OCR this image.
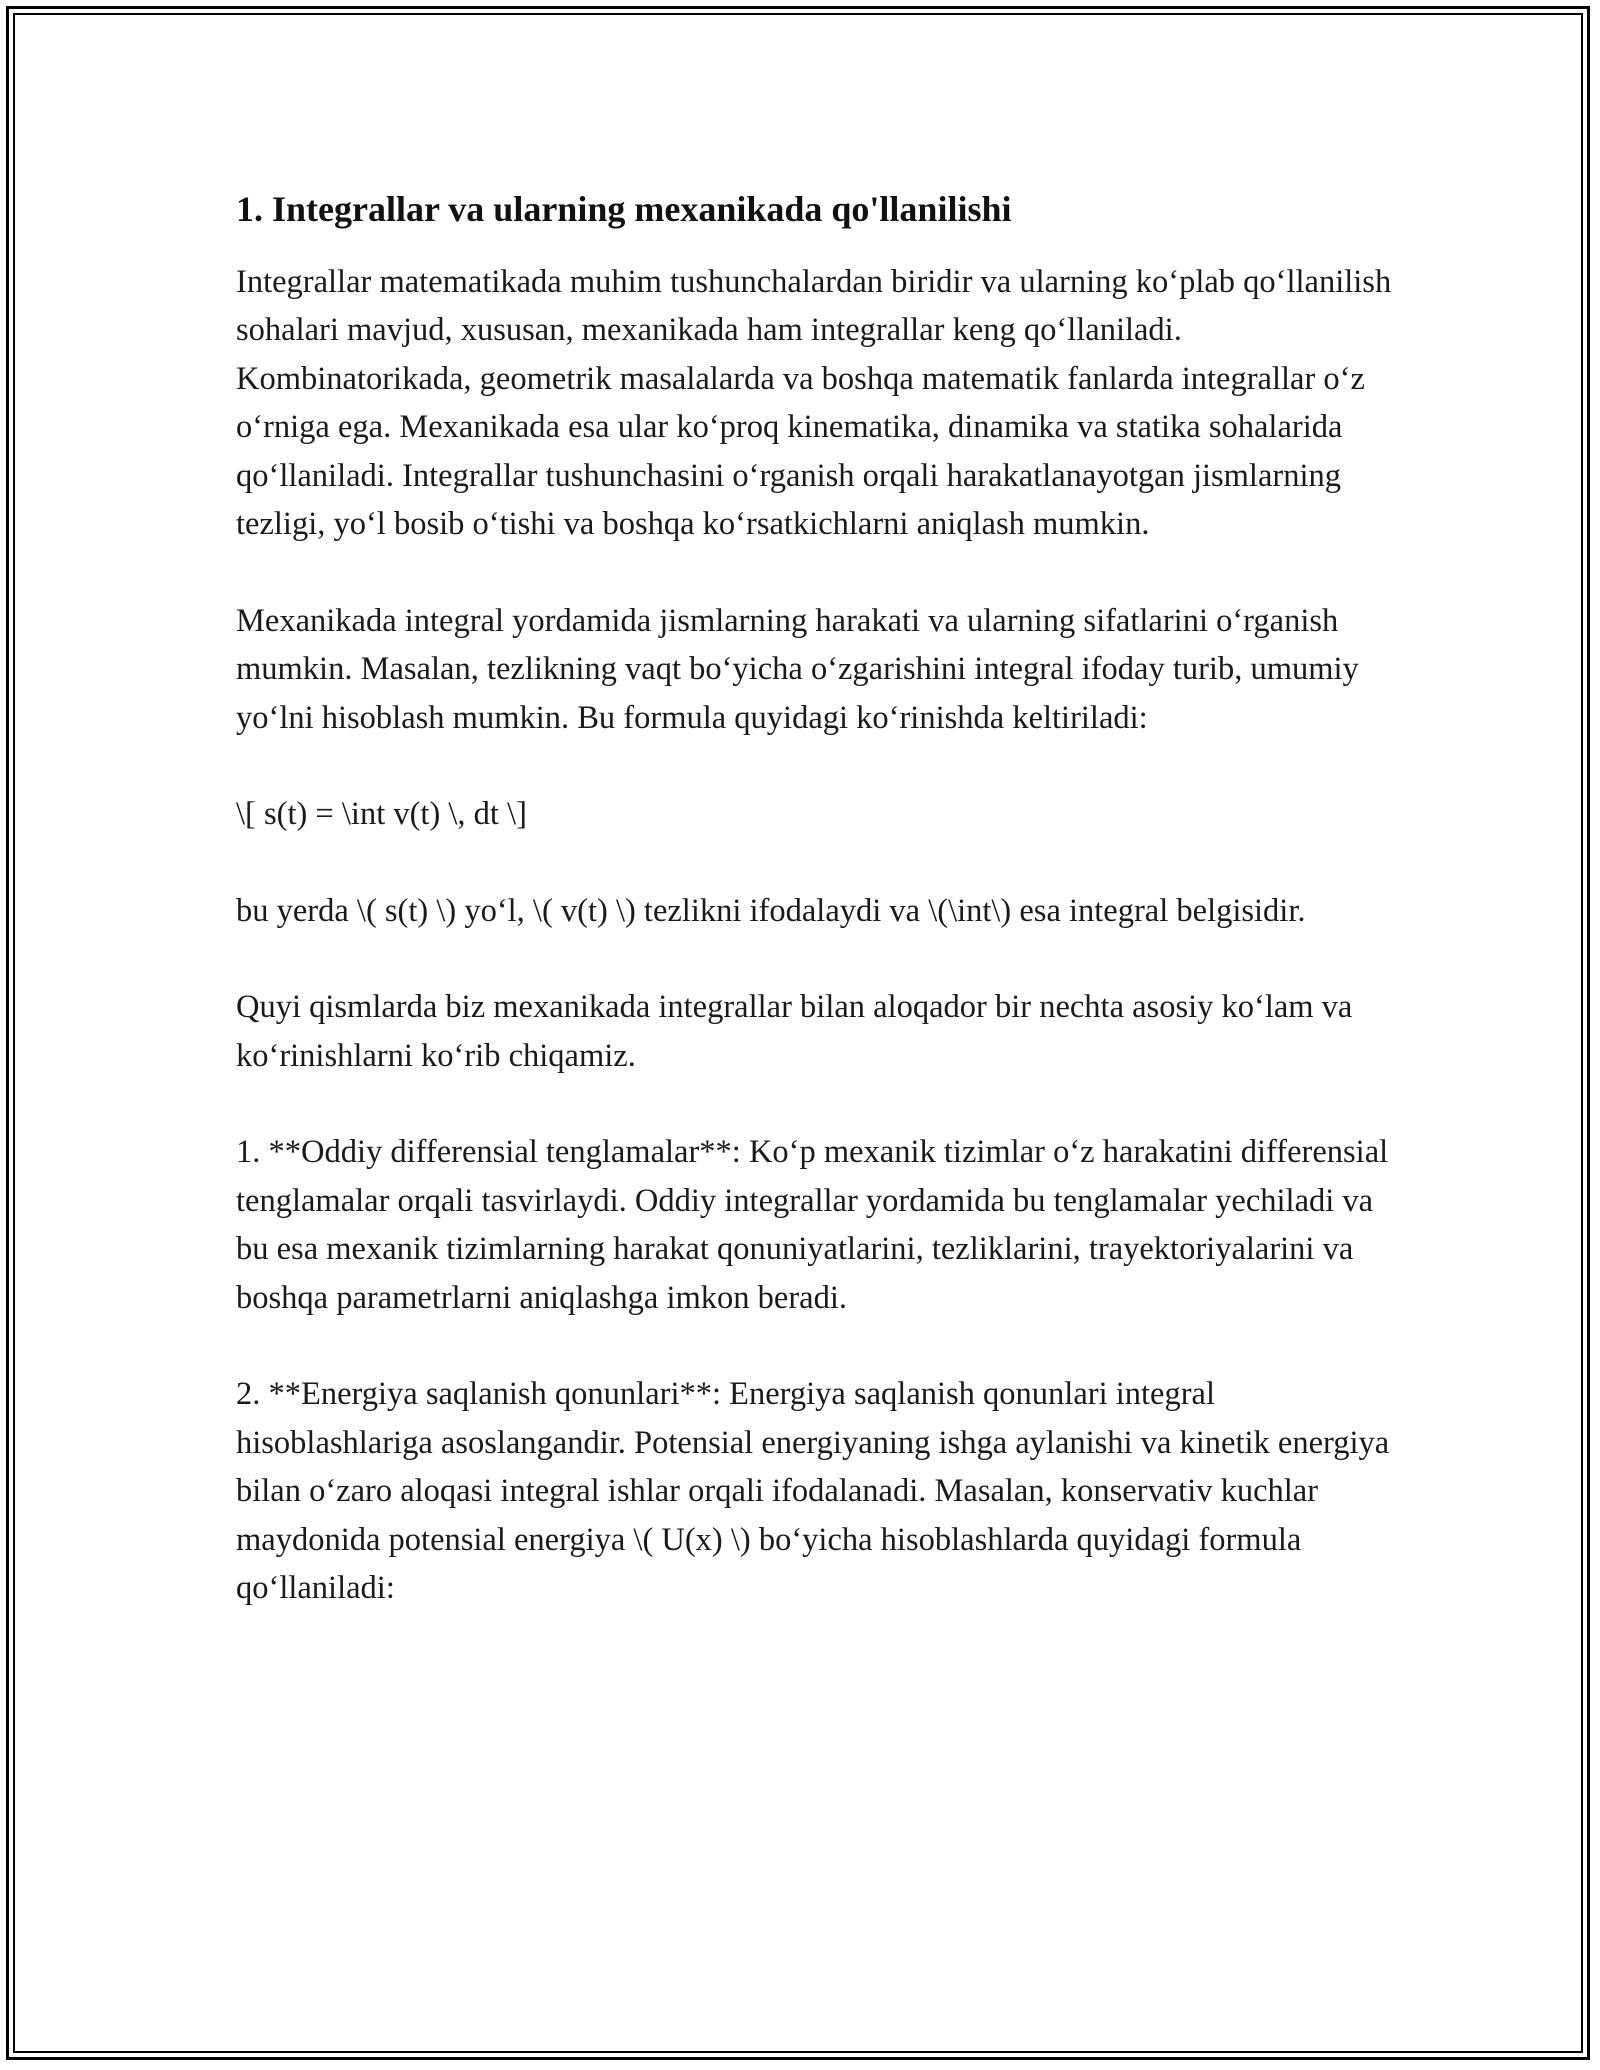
1. Integrallar va ularning mexanikada qo'llanilishi

Integrallar matematikada muhim tushunchalardan biridir va ularning koʻplab qoʻllanilish sohalari mavjud, xususan, mexanikada ham integrallar keng qoʻllaniladi. Kombinatorikada, geometrik masalalarda va boshqa matematik fanlarda integrallar oʻz oʻrniga ega. Mexanikada esa ular koʻproq kinematika, dinamika va statika sohalarida qoʻllaniladi. Integrallar tushunchasini oʻrganish orqali harakatlanayotgan jismlarning tezligi, yoʻl bosib oʻtishi va boshqa koʻrsatkichlarni aniqlash mumkin.

Mexanikada integral yordamida jismlarning harakati va ularning sifatlarini oʻrganish mumkin. Masalan, tezlikning vaqt boʻyicha oʻzgarishini integral ifoday turib, umumiy yoʻlni hisoblash mumkin. Bu formula quyidagi koʻrinishda keltiriladi:

\[ s(t) = \int v(t) \, dt \]

bu yerda \( s(t) \) yoʻl, \( v(t) \) tezlikni ifodalaydi va \(\int\) esa integral belgisidir.

Quyi qismlarda biz mexanikada integrallar bilan aloqador bir nechta asosiy koʻlam va koʻrinishlarni koʻrib chiqamiz.

1. **Oddiy differensial tenglamalar**: Koʻp mexanik tizimlar oʻz harakatini differensial tenglamalar orqali tasvirlaydi. Oddiy integrallar yordamida bu tenglamalar yechiladi va bu esa mexanik tizimlarning harakat qonuniyatlarini, tezliklarini, trayektoriyalarini va boshqa parametrlarni aniqlashga imkon beradi.

2. **Energiya saqlanish qonunlari**: Energiya saqlanish qonunlari integral hisoblashlariga asoslangandir. Potensial energiyaning ishga aylanishi va kinetik energiya bilan oʻzaro aloqasi integral ishlar orqali ifodalanadi. Masalan, konservativ kuchlar maydonida potensial energiya \( U(x) \) boʻyicha hisoblashlarda quyidagi formula qoʻllaniladi:
